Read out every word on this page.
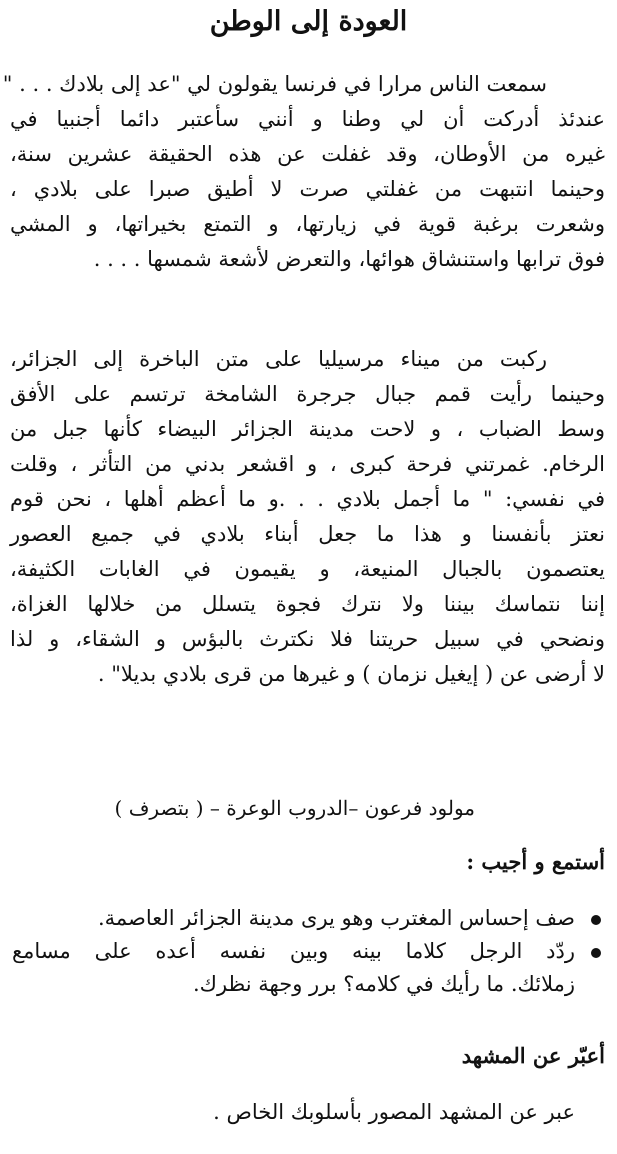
العودة إلى الوطن
سمعت الناس مرارا في فرنسا يقولون لي "عد إلى بلادك . . . "
عندئذ أدركت أن لي وطنا و أنني سأعتبر دائما أجنبيا في
غيره من الأوطان، وقد غفلت عن هذه الحقيقة عشرين سنة،
وحينما انتبهت من غفلتي صرت لا أطيق صبرا على بلادي ،
وشعرت برغبة قوية في زيارتها، و التمتع بخيراتها، و المشي
فوق ترابها واستنشاق هوائها، والتعرض لأشعة شمسها . . . .
ركبت من ميناء مرسيليا على متن الباخرة إلى الجزائر،
وحينما رأيت قمم جبال جرجرة الشامخة ترتسم على الأفق
وسط الضباب ، و لاحت مدينة الجزائر البيضاء كأنها جبل من
الرخام. غمرتني فرحة كبرى ، و اقشعر بدني من التأثر ، وقلت
في نفسي: " ما أجمل بلادي . . .و ما أعظم أهلها ، نحن قوم
نعتز بأنفسنا و هذا ما جعل أبناء بلادي في جميع العصور
يعتصمون بالجبال المنيعة، و يقيمون في الغابات الكثيفة،
إننا نتماسك بيننا ولا نترك فجوة يتسلل من خلالها الغزاة،
ونضحي في سبيل حريتنا فلا نكترث بالبؤس و الشقاء، و لذا
لا أرضى عن ( إيغيل نزمان ) و غيرها من قرى بلادي بديلا" .

مولود فرعون –الدروب الوعرة – ( بتصرف )

أستمع و أجيب :
صف إحساس المغترب وهو يرى مدينة الجزائر العاصمة.
ردّد الرجل كلاما بينه وبين نفسه أعده على مسامع
زملائك. ما رأيك في كلامه؟ برر وجهة نظرك.
أعبّر عن المشهد

عبر عن المشهد المصور بأسلوبك الخاص .
